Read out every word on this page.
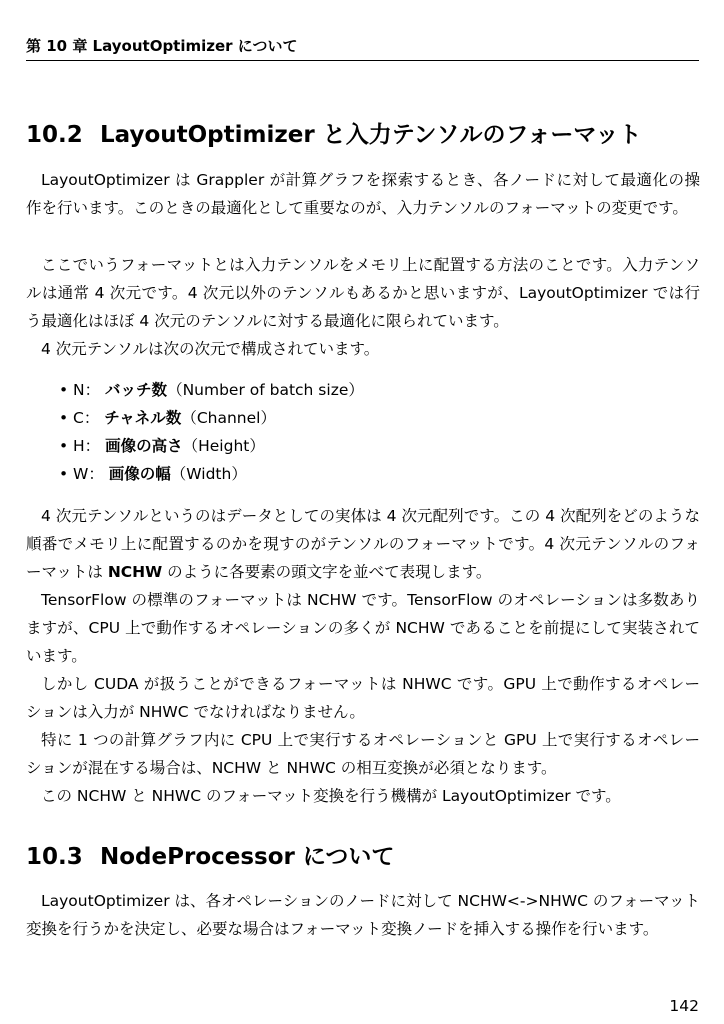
第 10 章 LayoutOptimizer について
10.2 LayoutOptimizer と入力テンソルのフォーマット

LayoutOptimizer は Grappler が計算グラフを探索するとき、各ノードに対して最適化の操作を行います。このときの最適化として重要なのが、入力テンソルのフォーマットの変更です。

ここでいうフォーマットとは入力テンソルをメモリ上に配置する方法のことです。入力テンソルは通常 4 次元です。4 次元以外のテンソルもあるかと思いますが、LayoutOptimizer では行う最適化はほぼ 4 次元のテンソルに対する最適化に限られています。

4 次元テンソルは次の次元で構成されています。

• N： バッチ数（Number of batch size）
• C： チャネル数（Channel）
• H： 画像の高さ（Height）
• W： 画像の幅（Width）

4 次元テンソルというのはデータとしての実体は 4 次元配列です。この 4 次配列をどのような順番でメモリ上に配置するのかを現すのがテンソルのフォーマットです。4 次元テンソルのフォーマットは NCHW のように各要素の頭文字を並べて表現します。

TensorFlow の標準のフォーマットは NCHW です。TensorFlow のオペレーションは多数ありますが、CPU 上で動作するオペレーションの多くが NCHW であることを前提にして実装されています。

しかし CUDA が扱うことができるフォーマットは NHWC です。GPU 上で動作するオペレーションは入力が NHWC でなければなりません。

特に 1 つの計算グラフ内に CPU 上で実行するオペレーションと GPU 上で実行するオペレーションが混在する場合は、NCHW と NHWC の相互変換が必須となります。

この NCHW と NHWC のフォーマット変換を行う機構が LayoutOptimizer です。

10.3 NodeProcessor について

LayoutOptimizer は、各オペレーションのノードに対して NCHW<->NHWC のフォーマット変換を行うかを決定し、必要な場合はフォーマット変換ノードを挿入する操作を行います。

142
